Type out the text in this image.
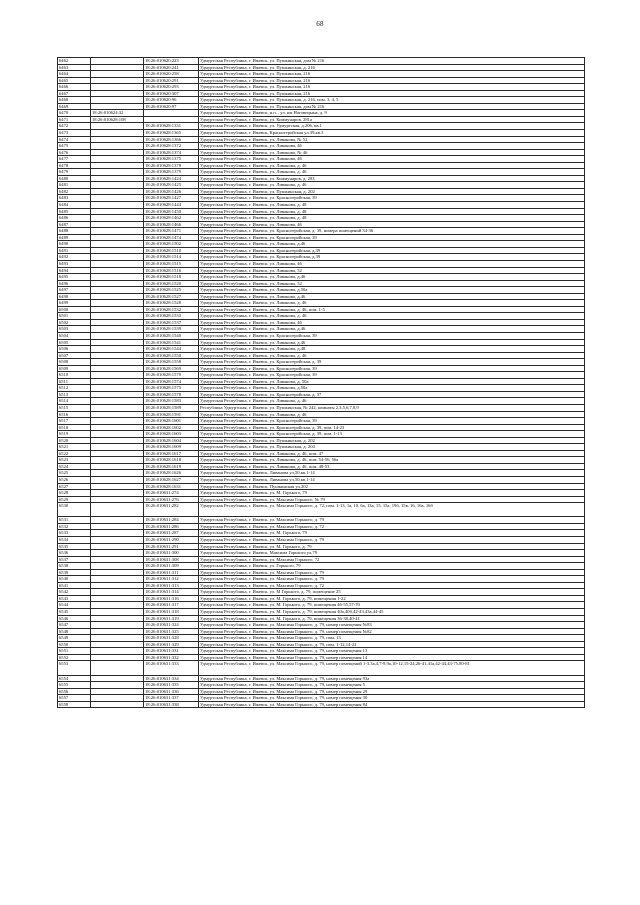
68
6462		18:26:010620:223	Удмуртская Республика, г. Ижевск, ул. Пушкинская, дом № 216
6463		18:26:010620:241	Удмуртская Республика, г. Ижевск, ул. Пушкинская, д. 216
6464		18:26:010620:258	Удмуртская Республика, г. Ижевск, ул. Пушкинская, 216
6465		18:26:010620:291	Удмуртская Республика, г. Ижевск, ул. Пушкинская, 216
6466		18:26:010620:293	Удмуртская Республика, г. Ижевск, ул. Пушкинская, 216
6467		18:26:010620:307	Удмуртская Республика, г. Ижевск, ул. Пушкинская, 216
6468		18:26:010620:96	Удмуртская Республика, г. Ижевск, ул. Пушкинская, д. 216, пом. 3, 4, 5
6469		18:26:010620:97	Удмуртская Республика, г. Ижевск, ул. Пушкинская, дом № 216
6470	18:26:010624:32		Удмуртская Республика, г. Ижевск, н.п. , ул. им Наговицына, д. 9
6471	18:26:010628:108		Удмуртская Республика, г. Ижевск, ул. Коммунаров, 281а
6472		18:26:010628:1331	Удмуртская Республика, г. Ижевск, ул. Удмуртская, д.206, кв.1
6473		18:26:010628:1365	Удмуртская Республика, г. Ижевск, Красногеройская ул.39,кв.3
6474		18:26:010628:1366	Удмуртская Республика, г. Ижевск, ул. Ливанова, № 52
6475		18:26:010628:1372	Удмуртская Республика, г. Ижевск, ул. Ливанова, 46
6476		18:26:010628:1374	Удмуртская Республика, г. Ижевск, ул. Ливанова, № 46
6477		18:26:010628:1375	Удмуртская Республика, г. Ижевск, ул. Ливанова, 46
6478		18:26:010628:1378	Удмуртская Республика, г. Ижевск, ул. Ливанова, д. 46
6479		18:26:010628:1379	Удмуртская Республика, г. Ижевск, ул. Ливанова, д. 46
6480		18:26:010628:1424	Удмуртская Республика, г. Ижевск, ул. Коммунаров, д. 283
6481		18:26:010628:1425	Удмуртская Республика, г. Ижевск, ул. Ливанова, д. 46
6482		18:26:010628:1426	Удмуртская Республика, г. Ижевск, ул. Пушкинская, д. 202
6483		18:26:010628:1427	Удмуртская Республика, г. Ижевск, ул. Красногеройская, 39
6484		18:26:010628:1444	Удмуртская Республика, г. Ижевск, ул. Ливанова, д. 48
6485		18:26:010628:1450	Удмуртская Республика, г. Ижевск, ул. Ливанова, д. 48
6486		18:26:010628:1462	Удмуртская Республика, г. Ижевск, ул. Ливанова, д. 48
6487		18:26:010628:1466	Удмуртская Республика, г. Ижевск, ул. Ливанова, 46
6488		18:26:010628:1471	Удмуртская Республика, г. Ижевск, ул. Красногеройская, д. 39, номера помещений 34-36
6489		18:26:010628:1474	Удмуртская Республика, г. Ижевск, ул. Красногеройская, 39
6490		18:26:010628:1502	Удмуртская Республика, г. Ижевск, ул. Ливанова, д.46
6491		18:26:010628:1510	Удмуртская Республика, г. Ижевск, ул. Красногеройская, д.39
6492		18:26:010628:1514	Удмуртская Республика, г. Ижевск, ул. Красногеройская, д.39
6493		18:26:010628:1515	Удмуртская Республика, г. Ижевск, ул. Ливанова, 46
6494		18:26:010628:1516	Удмуртская Республика, г. Ижевск, ул. Ливанова, 52
6495		18:26:010628:1518	Удмуртская Республика, г. Ижевск, ул. Ливанова, д.46
6496		18:26:010628:1520	Удмуртская Республика, г. Ижевск, ул. Ливанова, 52
6497		18:26:010628:1525	Удмуртская Республика, г. Ижевск, ул. Ливанова, д.50а
6498		18:26:010628:1527	Удмуртская Республика, г. Ижевск, ул. Ливанова, д.46
6499		18:26:010628:1528	Удмуртская Республика, г. Ижевск, ул. Ливанова, д. 46
6500		18:26:010628:1532	Удмуртская Республика, г. Ижевск, ул. Ливанова, д. 46, пом. 1-5
6501		18:26:010628:1533	Удмуртская Республика, г. Ижевск, ул. Ливанова, д. 46
6502		18:26:010628:1537	Удмуртская Республика, г. Ижевск, ул. Ливанова, 46
6503		18:26:010628:1539	Удмуртская Республика, г. Ижевск, ул. Ливанова, д.46
6504		18:26:010628:1540	Удмуртская Республика, г. Ижевск, ул. Красногеройская, 39
6505		18:26:010628:1541	Удмуртская Республика, г. Ижевск, ул. Ливанова, д.46
6506		18:26:010628:1544	Удмуртская Республика, г. Ижевск, ул. Ливанова, д.48
6507		18:26:010628:1550	Удмуртская Республика, г. Ижевск, ул. Ливанова, д. 46
6508		18:26:010628:1558	Удмуртская Республика, г. Ижевск, ул. Красногеройская, д. 39
6509		18:26:010628:1569	Удмуртская Республика, г. Ижевск, ул. Красногеройская, 39
6510		18:26:010628:1570	Удмуртская Республика, г. Ижевск, ул. Красногеройская, 39
6511		18:26:010628:1574	Удмуртская Республика, г. Ижевск, ул. Ливанова, д. 50а
6512		18:26:010628:1575	Удмуртская Республика, г. Ижевск, ул. Ливанова, д.50а
6513		18:26:010628:1578	Удмуртская Республика, г. Ижевск, ул. Красногеройская, д. 37
6514		18:26:010628:1583	Удмуртская Республика, г. Ижевск, ул. Ливанова, д. 46
6515		18:26:010628:1589	Республика Удмуртская, г. Ижевск, ул. Пушкинская, № 242, комнаты 2,3,5,6,7,8,9
6516		18:26:010628:1591	Удмуртская Республика, г. Ижевск, ул. Ливанова, д. 46
6517		18:26:010628:1601	Удмуртская Республика, г. Ижевск, ул. Красногеройская, 39
6518		18:26:010628:1602	Удмуртская Республика, г. Ижевск, ул. Красногеройская, д. 39, пом. 14-23
6519		18:26:010628:1603	Удмуртская Республика, г. Ижевск, ул. Красногеройская, д. 39, пом. 1-13
6520		18:26:010628:1604	Удмуртская Республика, г. Ижевск, ул. Пушкинская, д. 202
6521		18:26:010628:1609	Удмуртская Республика, г. Ижевск, ул. Пушкинская, д. 204
6522		18:26:010628:1617	Удмуртская Республика, г. Ижевск, ул. Ливанова, д. 46, пом. 47
6523		18:26:010628:1618	Удмуртская Республика, г. Ижевск, ул. Ливанова, д. 46, пом. 54-56, 56а
6524		18:26:010628:1619	Удмуртская Республика, г. Ижевск, ул. Ливанова, д. 46, пом. 48-53
6525		18:26:010628:1626	Удмуртская Республика, г. Ижевск, Ливанова ул,50,кв.1-14
6526		18:26:010628:1627	Удмуртская Республика, г. Ижевск, Ливанова ул,50,кв.1-14
6527		18:26:010628:1631	Удмуртская Республика, г. Ижевск, Пушкинская ул,202
6528		18:26:010631:274	Удмуртская Республика, г. Ижевск, ул. М. Горького, 79
6529		18:26:010631:276	Удмуртская Республика, г. Ижевск, ул. Максима Горького, № 79
6530		18:26:010631:282	Удмуртская Республика, г. Ижевск, ул. Максима Горького, д. 72, пом. 1-13, 1а, 10, 6а, 13а, 15, 15а, 19б, 15в, 16, 16а, 16б
6531		18:26:010631:284	Удмуртская Республика, г. Ижевск, ул. Максима Горького, д. 79
6532		18:26:010631:286	Удмуртская Республика, г. Ижевск, ул. Максима Горького, д. 72
6533		18:26:010631:287	Удмуртская Республика, г. Ижевск, ул. М. Горького, 79
6534		18:26:010631:290	Удмуртская Республика, г. Ижевск, ул. Максима Горького, д. 79
6535		18:26:010631:291	Удмуртская Республика, г. Ижевск, ул. М. Горького, д. 79
6536		18:26:010631:300	Удмуртская Республика, г. Ижевск, Максима Горького ул,79
6537		18:26:010631:308	Удмуртская Республика, г. Ижевск, ул. Максима Горького, 72
6538		18:26:010631:309	Удмуртская Республика, г. Ижевск, ул. Горького, 79
6539		18:26:010631:311	Удмуртская Республика, г. Ижевск, ул. Максима Горького, д. 79
6540		18:26:010631:312	Удмуртская Республика, г. Ижевск, ул. Максима Горького, д. 79
6541		18:26:010631:313	Удмуртская Республика, г. Ижевск, ул. Максима Горького, д. 72
6542		18:26:010631:314	Удмуртская Республика, г. Ижевск, ул. М Горького, д. 79, помещение 25
6543		18:26:010631:316	Удмуртская Республика, г. Ижевск, ул. М. Горького, д. 79, помещения 1-22
6544		18:26:010631:317	Удмуртская Республика, г. Ижевск, ул. М. Горького, д. 79, помещения 46-55,57-70
6545		18:26:010631:318	Удмуртская Республика, г. Ижевск, ул. М. Горького, д. 79, помещения 40а,40б,42-43,43а,44-45
6546		18:26:010631:319	Удмуртская Республика, г. Ижевск, ул. М. Горького, д. 79, помещения 36-38,40-41
6547		18:26:010631:324	Удмуртская Республика, г. Ижевск, ул. Максима Горького, д. 79, номер помещения №83
6548		18:26:010631:325	Удмуртская Республика, г. Ижевск, ул. Максима Горького, д. 79, номер помещения №82
6549		18:26:010631:328	Удмуртская Республика, г. Ижевск, ул. Максима Горького, д. 79, пом. 13
6550		18:26:010631:329	Удмуртская Республика, г. Ижевск, ул. Максима Горького, д. 79, пом. 1-12,14-22
6551		18:26:010631:331	Удмуртская Республика, г. Ижевск, ул. Максима Горького, д. 79, номер помещения 13
6552		18:26:010631:332	Удмуртская Республика, г. Ижевск, ул. Максима Горького, д. 79, номер помещения 14
6553		18:26:010631:333	Удмуртская Республика, г. Ижевск, ул. Максима Горького, д. 79, номер помещений 1-3,3а,4,7-9,9а,10-12,15-24,26-41,41а,42-44,43-75,80-81
6554		18:26:010631:334	Удмуртская Республика, г. Ижевск, ул. Максима Горького, д. 79, номер помещения 93а
6555		18:26:010631:335	Удмуртская Республика, г. Ижевск, ул. Максима Горького, д. 79, номер помещения 5
6556		18:26:010631:336	Удмуртская Республика, г. Ижевск, ул. Максима Горького, д. 79, номер помещения 29
6557		18:26:010631:337	Удмуртская Республика, г. Ижевск, ул. Максима Горького, д. 79, номер помещения 30
6558		18:26:010631:338	Удмуртская Республика, г. Ижевск, ул. Максима Горького, д. 79, номер помещения 84
